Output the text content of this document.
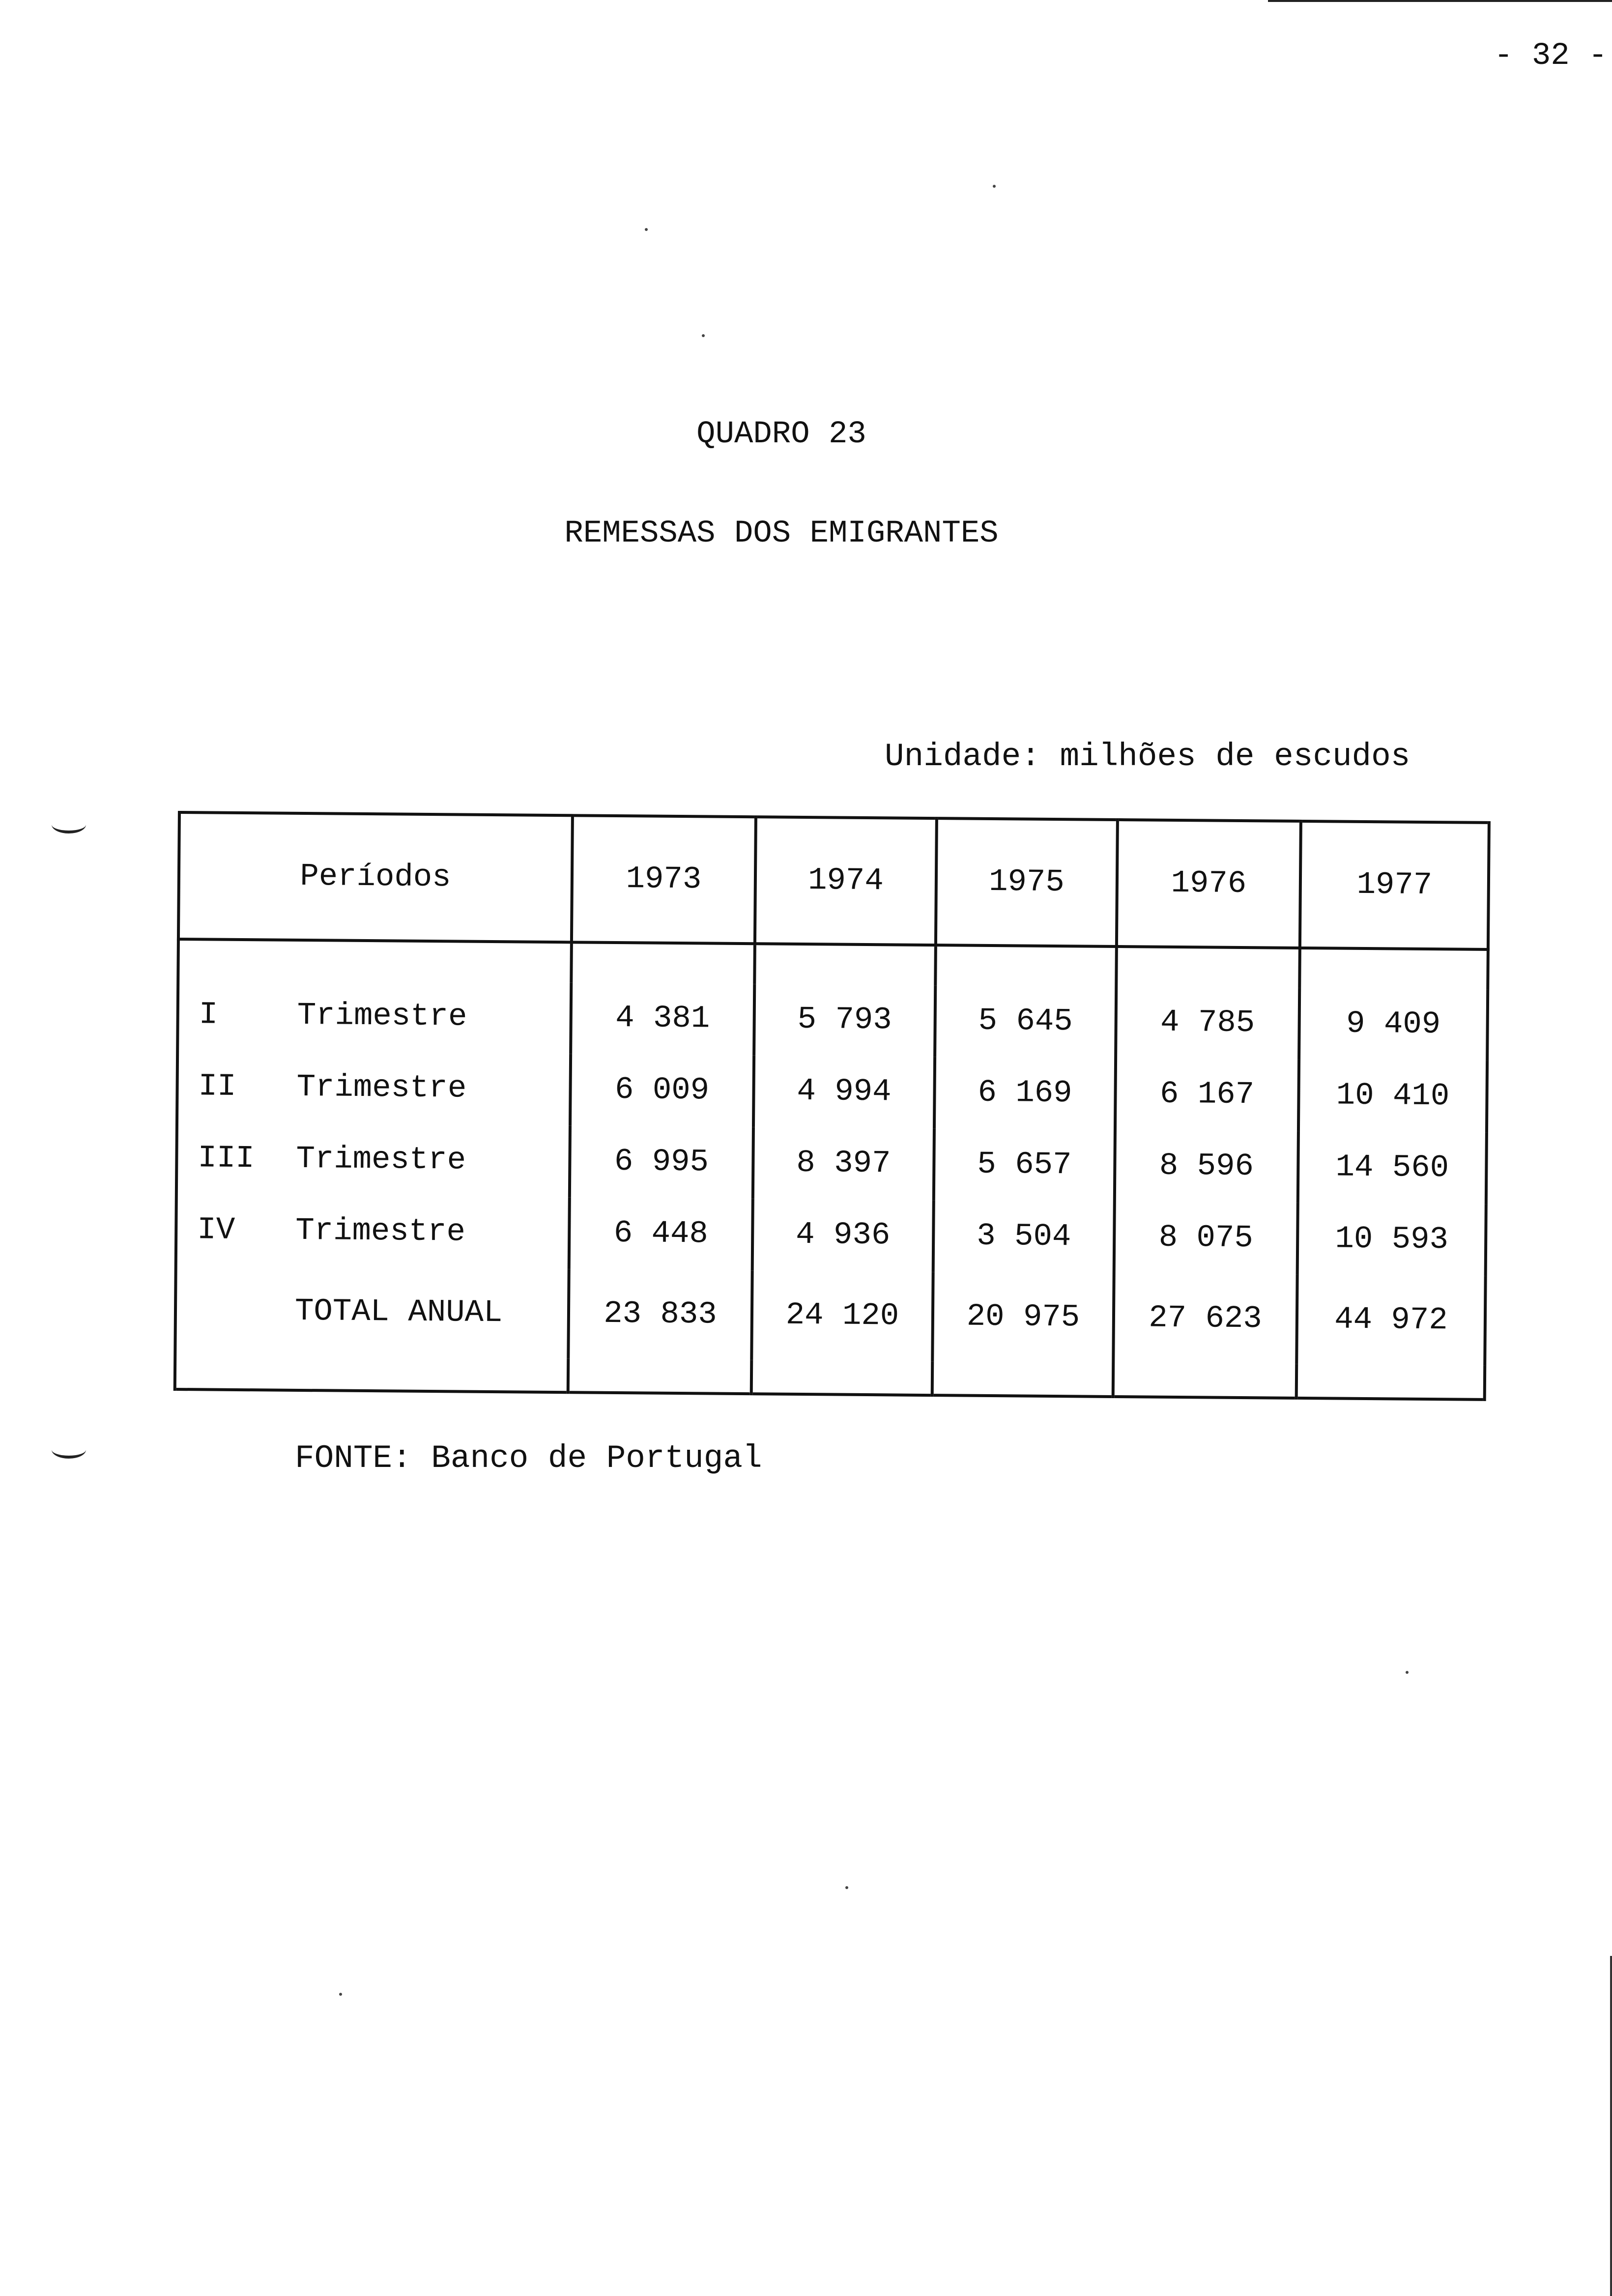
- 32 -
QUADRO 23
REMESSAS DOS EMIGRANTES
Unidade: milhões de escudos
Períodos	1973	1974	1975	1976	1977

I Trimestre	4 381	5 793	5 645	4 785	9 409
II Trimestre	6 009	4 994	6 169	6 167	10 410
III Trimestre	6 995	8 397	5 657	8 596	14 560
IV Trimestre	6 448	4 936	3 504	8 075	10 593
TOTAL ANUAL	23 833	24 120	20 975	27 623	44 972

FONTE: Banco de Portugal
